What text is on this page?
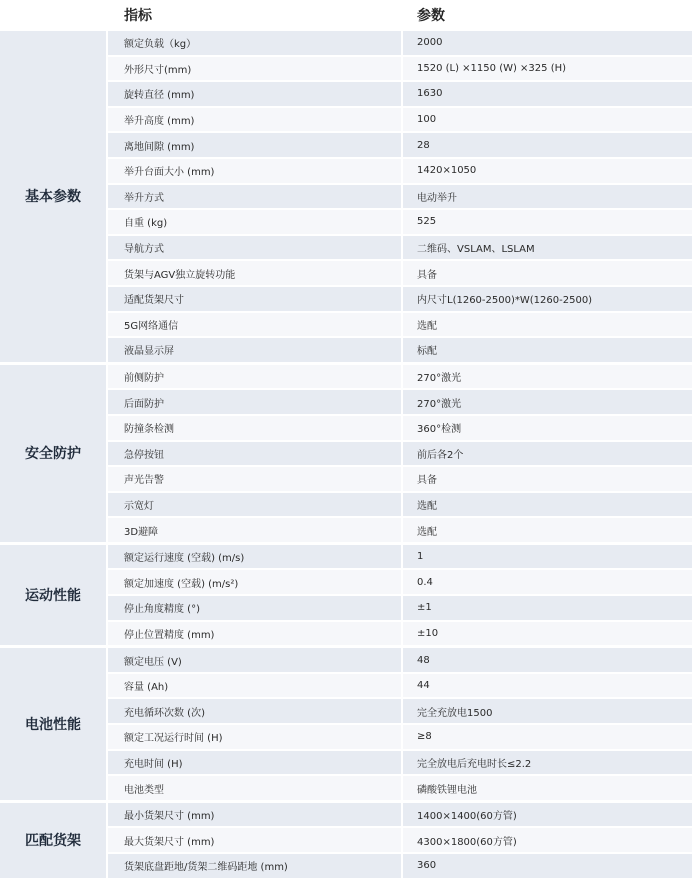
	指标	参数
基本参数	额定负载（kg）	2000
	外形尺寸(mm)	1520 (L) ×1150 (W) ×325 (H)
	旋转直径 (mm)	1630
	举升高度 (mm)	100
	离地间隙 (mm)	28
	举升台面大小 (mm)	1420×1050
	举升方式	电动举升
	自重 (kg)	525
	导航方式	二维码、VSLAM、LSLAM
	货架与AGV独立旋转功能	具备
	适配货架尺寸	内尺寸L(1260-2500)*W(1260-2500)
	5G网络通信	选配
	液晶显示屏	标配
安全防护	前侧防护	270°激光
	后面防护	270°激光
	防撞条检测	360°检测
	急停按钮	前后各2个
	声光告警	具备
	示宽灯	选配
	3D避障	选配
运动性能	额定运行速度 (空载) (m/s)	1
	额定加速度 (空载) (m/s²)	0.4
	停止角度精度 (°)	±1
	停止位置精度 (mm)	±10
电池性能	额定电压 (V)	48
	容量 (Ah)	44
	充电循环次数 (次)	完全充放电1500
	额定工况运行时间 (H)	≥8
	充电时间 (H)	完全放电后充电时长≤2.2
	电池类型	磷酸铁锂电池
匹配货架	最小货架尺寸 (mm)	1400×1400(60方管)
	最大货架尺寸 (mm)	4300×1800(60方管)
	货架底盘距地/货架二维码距地 (mm)	360
